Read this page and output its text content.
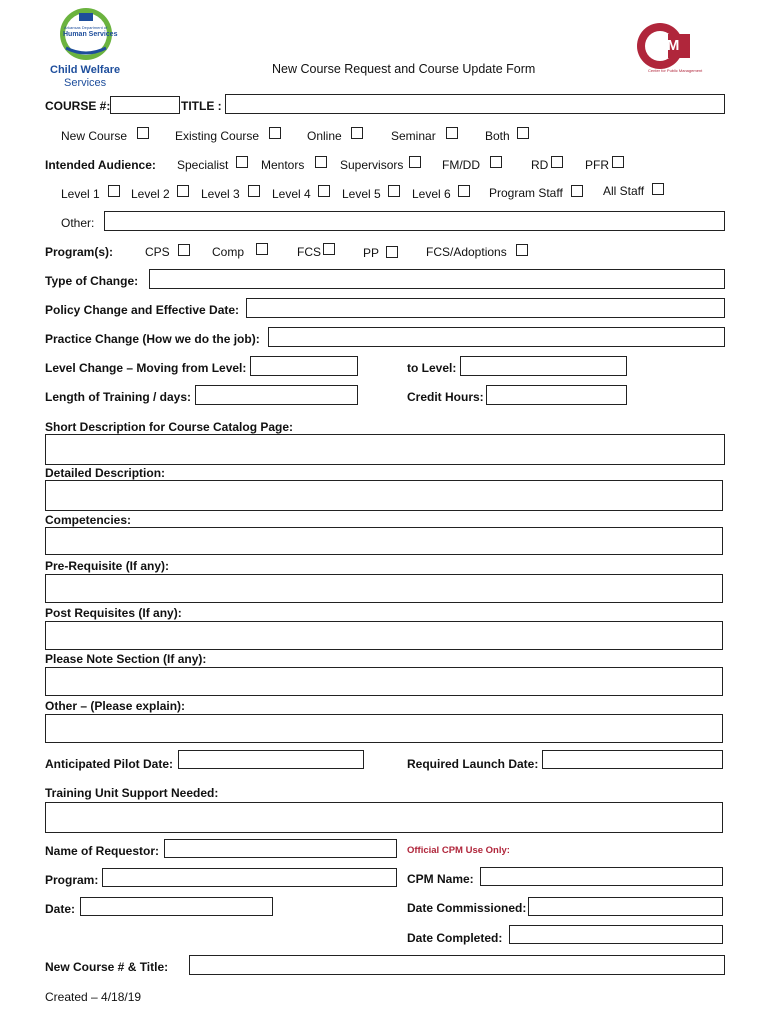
Arkansas Department of
Human Services
Child Welfare
Services
New Course Request and Course Update Form
CPM
Center for Public Management
COURSE #:	TITLE :
New Course	Existing Course	Online	Seminar	Both
Intended Audience: Specialist	Mentors	Supervisors	FM/DD	RD	PFR
Level 1	Level 2	Level 3	Level 4	Level 5	Level 6	Program Staff	All Staff
Other:
Program(s):	CPS	Comp	FCS	PP	FCS/Adoptions
Type of Change:
Policy Change and Effective Date:
Practice Change (How we do the job):
Level Change – Moving from Level:	to Level:
Length of Training / days:	Credit Hours:
Short Description for Course Catalog Page:
Detailed Description:
Competencies:
Pre-Requisite (If any):
Post Requisites (If any):
Please Note Section (If any):
Other – (Please explain):
Anticipated Pilot Date:	Required Launch Date:
Training Unit Support Needed:
Name of Requestor:	Official CPM Use Only:
Program:	CPM Name:
Date:	Date Commissioned:
Date Completed:
New Course # & Title:
Created – 4/18/19
